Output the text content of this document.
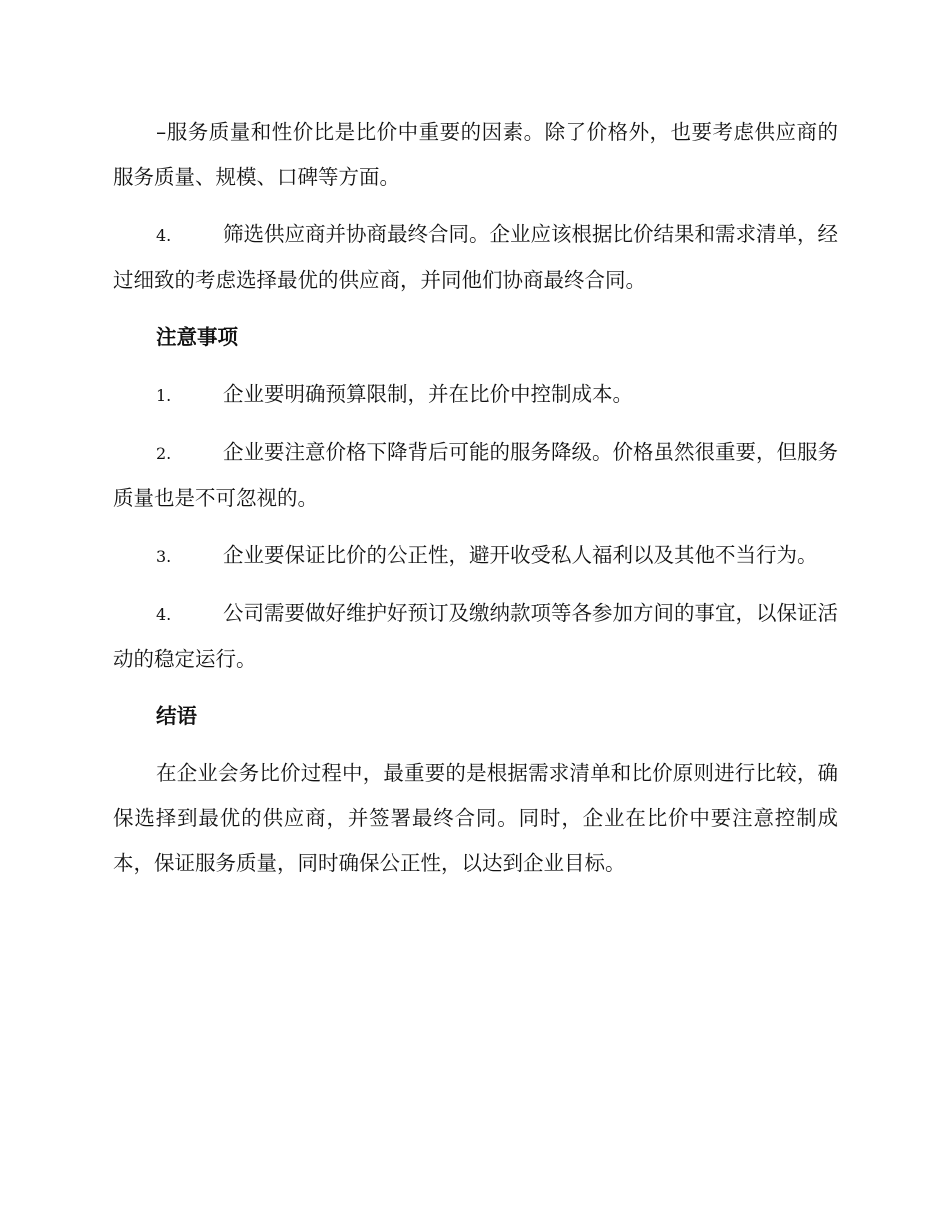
–服务质量和性价比是比价中重要的因素。除了价格外，也要考虑供应商的服务质量、规模、口碑等方面。

4.	筛选供应商并协商最终合同。企业应该根据比价结果和需求清单，经过细致的考虑选择最优的供应商，并同他们协商最终合同。

注意事项

1.	企业要明确预算限制，并在比价中控制成本。

2.	企业要注意价格下降背后可能的服务降级。价格虽然很重要，但服务质量也是不可忽视的。

3.	企业要保证比价的公正性，避开收受私人福利以及其他不当行为。

4.	公司需要做好维护好预订及缴纳款项等各参加方间的事宜，以保证活动的稳定运行。

结语

在企业会务比价过程中，最重要的是根据需求清单和比价原则进行比较，确保选择到最优的供应商，并签署最终合同。同时，企业在比价中要注意控制成本，保证服务质量，同时确保公正性，以达到企业目标。
